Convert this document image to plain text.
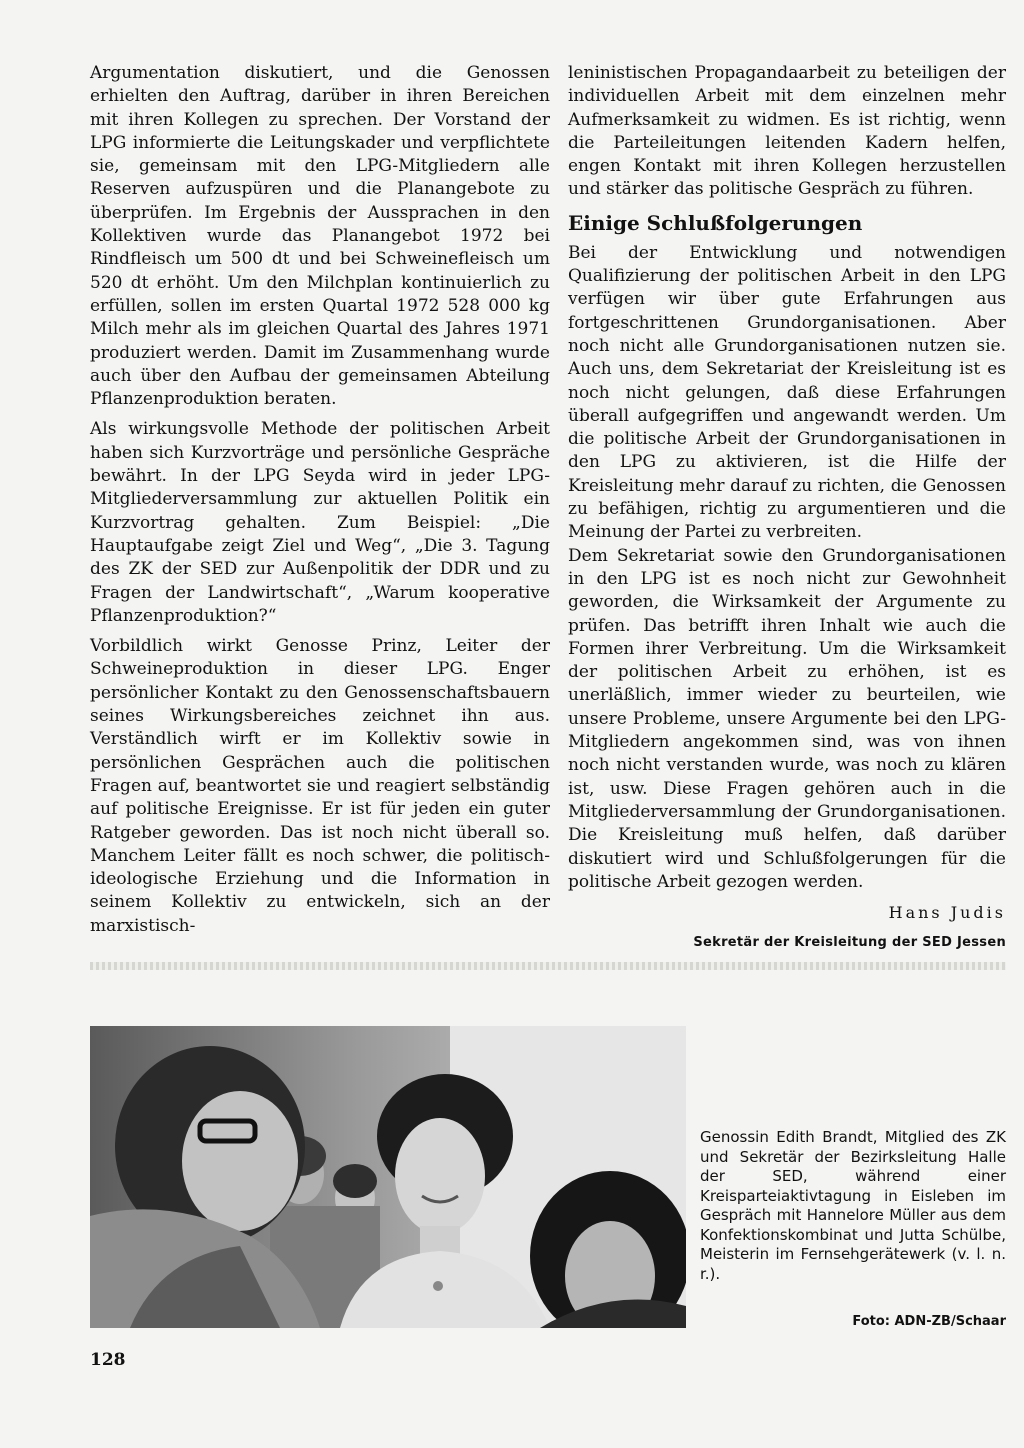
Argumentation diskutiert, und die Genossen erhielten den Auftrag, darüber in ihren Bereichen mit ihren Kollegen zu sprechen. Der Vorstand der LPG informierte die Leitungskader und verpflichtete sie, gemeinsam mit den LPG-Mitgliedern alle Reserven aufzuspüren und die Planangebote zu überprüfen. Im Ergebnis der Aussprachen in den Kollektiven wurde das Planangebot 1972 bei Rindfleisch um 500 dt und bei Schweinefleisch um 520 dt erhöht. Um den Milchplan kontinuierlich zu erfüllen, sollen im ersten Quartal 1972 528 000 kg Milch mehr als im gleichen Quartal des Jahres 1971 produziert werden. Damit im Zusammenhang wurde auch über den Aufbau der gemeinsamen Abteilung Pflanzenproduktion beraten.

Als wirkungsvolle Methode der politischen Arbeit haben sich Kurzvorträge und persönliche Gespräche bewährt. In der LPG Seyda wird in jeder LPG-Mitgliederversammlung zur aktuellen Politik ein Kurzvortrag gehalten. Zum Beispiel: „Die Hauptaufgabe zeigt Ziel und Weg“, „Die 3. Tagung des ZK der SED zur Außenpolitik der DDR und zu Fragen der Landwirtschaft“, „Warum kooperative Pflanzenproduktion?“

Vorbildlich wirkt Genosse Prinz, Leiter der Schweineproduktion in dieser LPG. Enger persönlicher Kontakt zu den Genossenschaftsbauern seines Wirkungsbereiches zeichnet ihn aus. Verständlich wirft er im Kollektiv sowie in persönlichen Gesprächen auch die politischen Fragen auf, beantwortet sie und reagiert selbständig auf politische Ereignisse. Er ist für jeden ein guter Ratgeber geworden. Das ist noch nicht überall so. Manchem Leiter fällt es noch schwer, die politisch-ideologische Erziehung und die Information in seinem Kollektiv zu entwickeln, sich an der marxistisch-

leninistischen Propagandaarbeit zu beteiligen der individuellen Arbeit mit dem einzelnen mehr Aufmerksamkeit zu widmen. Es ist richtig, wenn die Parteileitungen leitenden Kadern helfen, engen Kontakt mit ihren Kollegen herzustellen und stärker das politische Gespräch zu führen.

Einige Schlußfolgerungen

Bei der Entwicklung und notwendigen Qualifizierung der politischen Arbeit in den LPG verfügen wir über gute Erfahrungen aus fortgeschrittenen Grundorganisationen. Aber noch nicht alle Grundorganisationen nutzen sie. Auch uns, dem Sekretariat der Kreisleitung ist es noch nicht gelungen, daß diese Erfahrungen überall aufgegriffen und angewandt werden. Um die politische Arbeit der Grundorganisationen in den LPG zu aktivieren, ist die Hilfe der Kreisleitung mehr darauf zu richten, die Genossen zu befähigen, richtig zu argumentieren und die Meinung der Partei zu verbreiten.

Dem Sekretariat sowie den Grundorganisationen in den LPG ist es noch nicht zur Gewohnheit geworden, die Wirksamkeit der Argumente zu prüfen. Das betrifft ihren Inhalt wie auch die Formen ihrer Verbreitung. Um die Wirksamkeit der politischen Arbeit zu erhöhen, ist es unerläßlich, immer wieder zu beurteilen, wie unsere Probleme, unsere Argumente bei den LPG-Mitgliedern angekommen sind, was von ihnen noch nicht verstanden wurde, was noch zu klären ist, usw. Diese Fragen gehören auch in die Mitgliederversammlung der Grundorganisationen. Die Kreisleitung muß helfen, daß darüber diskutiert wird und Schlußfolgerungen für die politische Arbeit gezogen werden.

Hans Judis

Sekretär der Kreisleitung der SED Jessen

Genossin Edith Brandt, Mitglied des ZK und Sekretär der Bezirksleitung Halle der SED, während einer Kreisparteiaktivtagung in Eisleben im Gespräch mit Hannelore Müller aus dem Konfektionskombinat und Jutta Schülbe, Meisterin im Fernsehgerätewerk (v. l. n. r.).

Foto: ADN-ZB/Schaar

128
